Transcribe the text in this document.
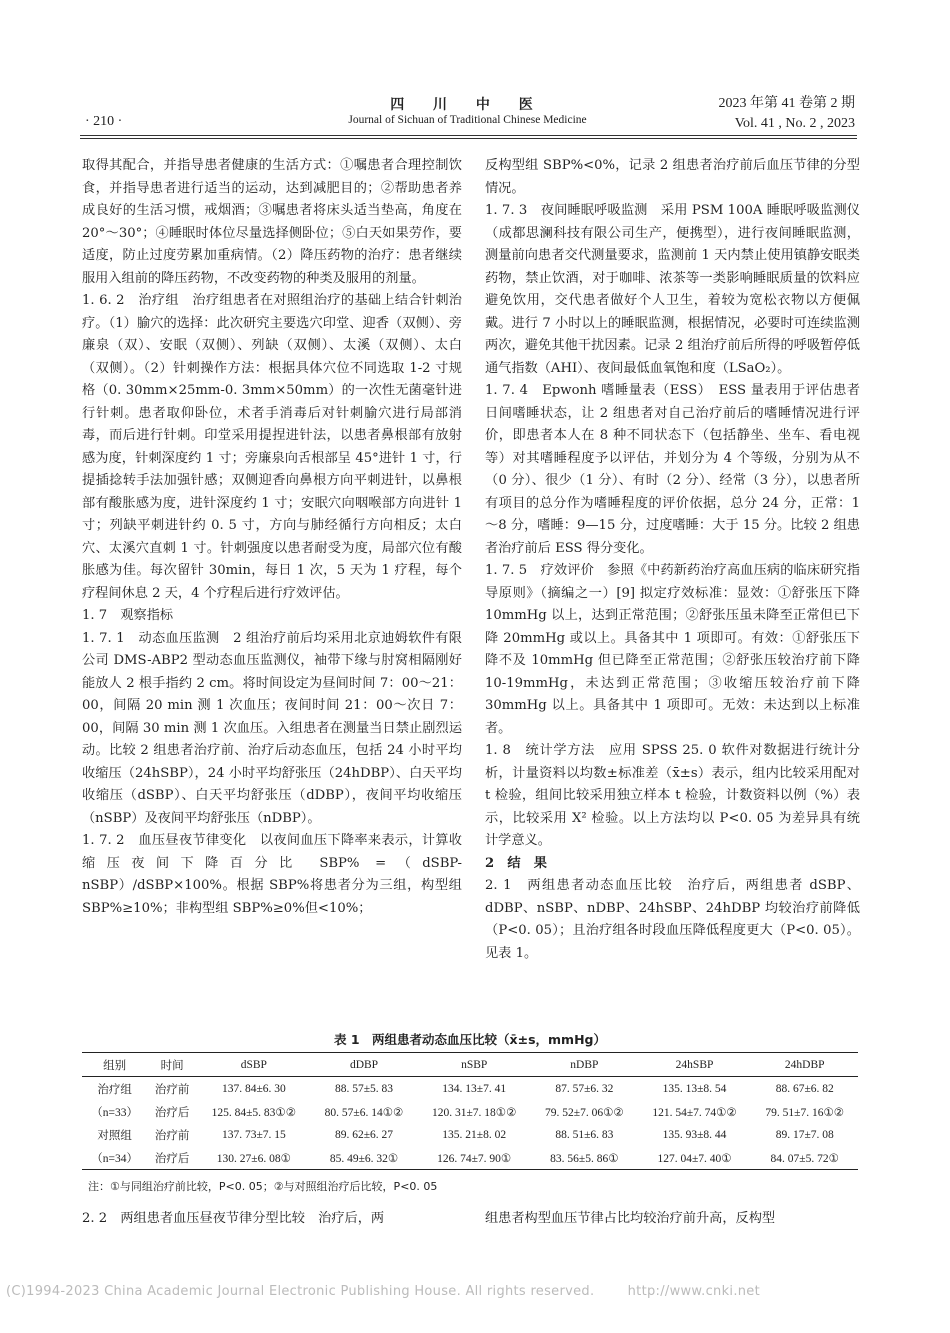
四 川 中 医
Journal of Sichuan of Traditional Chinese Medicine
· 210 ·
2023 年第 41 卷第 2 期
Vol. 41 , No. 2 , 2023

取得其配合，并指导患者健康的生活方式：①嘱患者合理控制饮食，并指导患者进行适当的运动，达到减肥目的；②帮助患者养成良好的生活习惯，戒烟酒；③嘱患者将床头适当垫高，角度在 20°～30°；④睡眠时体位尽量选择侧卧位；⑤白天如果劳作，要适度，防止过度劳累加重病情。（2）降压药物的治疗：患者继续服用入组前的降压药物，不改变药物的种类及服用的剂量。

1. 6. 2　治疗组　治疗组患者在对照组治疗的基础上结合针刺治疗。（1）腧穴的选择：此次研究主要选穴印堂、迎香（双侧）、旁廉泉（双）、安眠（双侧）、列缺（双侧）、太溪（双侧）、太白（双侧）。（2）针刺操作方法：根据具体穴位不同选取 1-2 寸规格（0. 30mm×25mm-0. 3mm×50mm）的一次性无菌毫针进行针刺。患者取仰卧位，术者手消毒后对针刺腧穴进行局部消毒，而后进行针刺。印堂采用提捏进针法，以患者鼻根部有放射感为度，针刺深度约 1 寸；旁廉泉向舌根部呈 45°进针 1 寸，行提插捻转手法加强针感；双侧迎香向鼻根方向平刺进针，以鼻根部有酸胀感为度，进针深度约 1 寸；安眠穴向咽喉部方向进针 1 寸；列缺平刺进针约 0. 5 寸，方向与肺经循行方向相反；太白穴、太溪穴直刺 1 寸。针刺强度以患者耐受为度，局部穴位有酸胀感为佳。每次留针 30min，每日 1 次，5 天为 1 疗程，每个疗程间休息 2 天，4 个疗程后进行疗效评估。

1. 7　观察指标

1. 7. 1　动态血压监测　2 组治疗前后均采用北京迪姆软件有限公司 DMS-ABP2 型动态血压监测仪，袖带下缘与肘窝相隔刚好能放人 2 根手指约 2 cm。将时间设定为昼间时间 7：00～21：00，间隔 20 min 测 1 次血压；夜间时间 21：00～次日 7：00，间隔 30 min 测 1 次血压。入组患者在测量当日禁止剧烈运动。比较 2 组患者治疗前、治疗后动态血压，包括 24 小时平均收缩压（24hSBP），24 小时平均舒张压（24hDBP）、白天平均收缩压（dSBP）、白天平均舒张压（dDBP），夜间平均收缩压（nSBP）及夜间平均舒张压（nDBP）。

1. 7. 2　血压昼夜节律变化　以夜间血压下降率来表示，计算收缩压夜间下降百分比 SBP% =（dSBP-nSBP）/dSBP×100%。根据 SBP%将患者分为三组，构型组 SBP%≥10%；非构型组 SBP%≥0%但<10%；

反构型组 SBP%<0%，记录 2 组患者治疗前后血压节律的分型情况。

1. 7. 3　夜间睡眠呼吸监测　采用 PSM 100A 睡眠呼吸监测仪（成都思澜科技有限公司生产，便携型），进行夜间睡眠监测，测量前向患者交代测量要求，监测前 1 天内禁止使用镇静安眠类药物，禁止饮酒，对于咖啡、浓茶等一类影响睡眠质量的饮料应避免饮用，交代患者做好个人卫生，着较为宽松衣物以方便佩戴。进行 7 小时以上的睡眠监测，根据情况，必要时可连续监测两次，避免其他干扰因素。记录 2 组治疗前后所得的呼吸暂停低通气指数（AHI）、夜间最低血氧饱和度（LSaO₂）。

1. 7. 4　Epwonh 嗜睡量表（ESS）　ESS 量表用于评估患者日间嗜睡状态，让 2 组患者对自己治疗前后的嗜睡情况进行评价，即患者本人在 8 种不同状态下（包括静坐、坐车、看电视等）对其嗜睡程度予以评估，并划分为 4 个等级，分别为从不（0 分）、很少（1 分）、有时（2 分）、经常（3 分），以患者所有项目的总分作为嗜睡程度的评价依据，总分 24 分，正常：1～8 分，嗜睡：9—15 分，过度嗜睡：大于 15 分。比较 2 组患者治疗前后 ESS 得分变化。

1. 7. 5　疗效评价　参照《中药新药治疗高血压病的临床研究指导原则》（摘编之一）[9] 拟定疗效标准：显效：①舒张压下降 10mmHg 以上，达到正常范围；②舒张压虽未降至正常但已下降 20mmHg 或以上。具备其中 1 项即可。有效：①舒张压下降不及 10mmHg 但已降至正常范围；②舒张压较治疗前下降 10-19mmHg，未达到正常范围；③收缩压较治疗前下降 30mmHg 以上。具备其中 1 项即可。无效：未达到以上标准者。

1. 8　统计学方法　应用 SPSS 25. 0 软件对数据进行统计分析，计量资料以均数±标准差（x̄±s）表示，组内比较采用配对 t 检验，组间比较采用独立样本 t 检验，计数资料以例（%）表示，比较采用 X² 检验。以上方法均以 P<0. 05 为差异具有统计学意义。

2　结　果

2. 1　两组患者动态血压比较　治疗后，两组患者 dSBP、dDBP、nSBP、nDBP、24hSBP、24hDBP 均较治疗前降低（P<0. 05）；且治疗组各时段血压降低程度更大（P<0. 05）。见表 1。

表 1　两组患者动态血压比较（x̄±s，mmHg）
组别	时间	dSBP	dDBP	nSBP	nDBP	24hSBP	24hDBP
治疗组	治疗前	137. 84±6. 30	88. 57±5. 83	134. 13±7. 41	87. 57±6. 32	135. 13±8. 54	88. 67±6. 82
（n=33）	治疗后	125. 84±5. 83①②	80. 57±6. 14①②	120. 31±7. 18①②	79. 52±7. 06①②	121. 54±7. 74①②	79. 51±7. 16①②
对照组	治疗前	137. 73±7. 15	89. 62±6. 27	135. 21±8. 02	88. 51±6. 83	135. 93±8. 44	89. 17±7. 08
（n=34）	治疗后	130. 27±6. 08①	85. 49±6. 32①	126. 74±7. 90①	83. 56±5. 86①	127. 04±7. 40①	84. 07±5. 72①
注：①与同组治疗前比较，P<0. 05；②与对照组治疗后比较，P<0. 05
2. 2　两组患者血压昼夜节律分型比较　治疗后，两	组患者构型血压节律占比均较治疗前升高，反构型
(C)1994-2023 China Academic Journal Electronic Publishing House. All rights reserved.	http://www.cnki.net
